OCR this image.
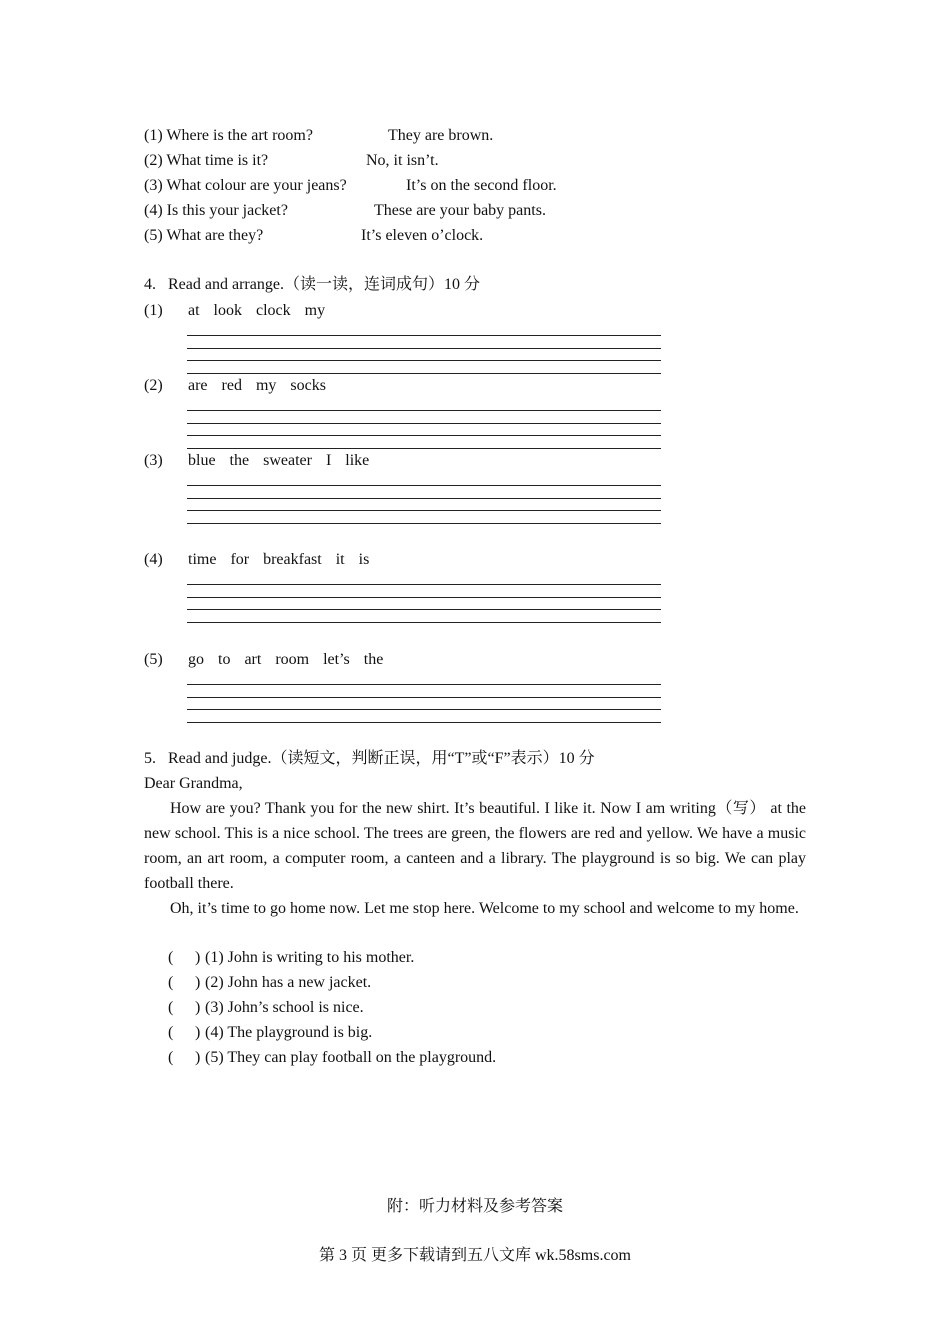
(1) Where is the art room?	They are brown.
(2) What time is it?	No, it isn’t.
(3) What colour are your jeans?	It’s on the second floor.
(4) Is this your jacket?	These are your baby pants.
(5) What are they?	It’s eleven o’clock.
4.   Read and arrange.（读一读，连词成句）10 分
(1) at look clock my
(2) are red my socks
(3) blue the sweater I like
(4) time for breakfast it is
(5) go to art room let’s the
5.   Read and judge.（读短文，判断正误，用“T”或“F”表示）10 分
Dear Grandma,
How are you? Thank you for the new shirt. It’s beautiful. I like it. Now I am writing（写） at the new school. This is a nice school. The trees are green, the flowers are red and yellow. We have a music room, an art room, a computer room, a canteen and a library. The playground is so big. We can play football there.
Oh, it’s time to go home now. Let me stop here. Welcome to my school and welcome to my home.
( ) (1) John is writing to his mother.
( ) (2) John has a new jacket.
( ) (3) John’s school is nice.
( ) (4) The playground is big.
( ) (5) They can play football on the playground.
附：听力材料及参考答案
第 3 页 更多下载请到五八文库 wk.58sms.com
